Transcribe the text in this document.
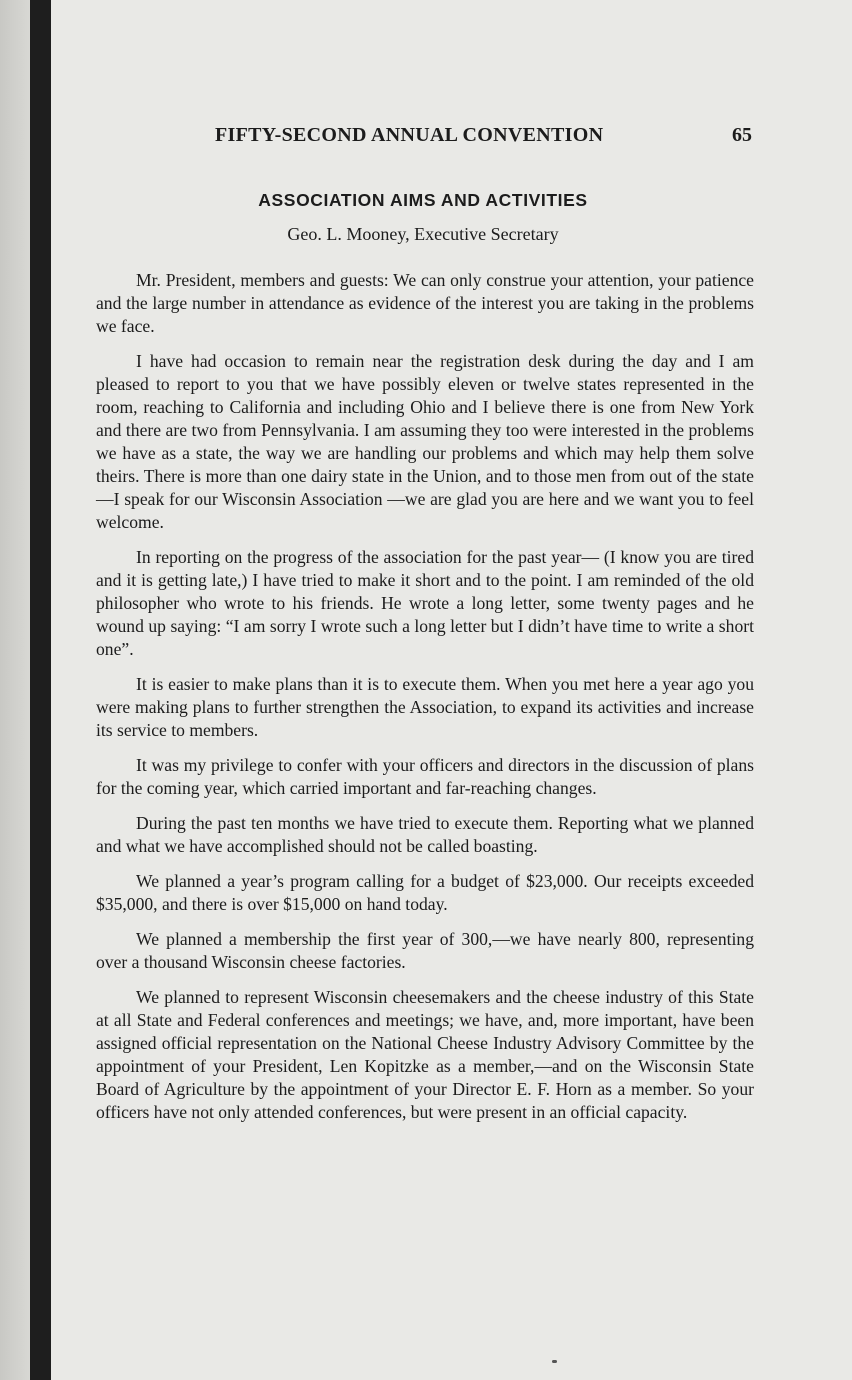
FIFTY-SECOND ANNUAL CONVENTION	65
ASSOCIATION AIMS AND ACTIVITIES
Geo. L. Mooney, Executive Secretary

Mr. President, members and guests: We can only construe your attention, your patience and the large number in attendance as evidence of the interest you are taking in the problems we face.

I have had occasion to remain near the registration desk during the day and I am pleased to report to you that we have possibly eleven or twelve states represented in the room, reaching to California and including Ohio and I believe there is one from New York and there are two from Pennsylvania. I am assuming they too were interested in the problems we have as a state, the way we are handling our problems and which may help them solve theirs. There is more than one dairy state in the Union, and to those men from out of the state—I speak for our Wisconsin Association —we are glad you are here and we want you to feel welcome.

In reporting on the progress of the association for the past year— (I know you are tired and it is getting late,) I have tried to make it short and to the point. I am reminded of the old philosopher who wrote to his friends. He wrote a long letter, some twenty pages and he wound up saying: “I am sorry I wrote such a long letter but I didn’t have time to write a short one”.

It is easier to make plans than it is to execute them. When you met here a year ago you were making plans to further strengthen the Association, to expand its activities and increase its service to members.

It was my privilege to confer with your officers and directors in the discussion of plans for the coming year, which carried important and far-reaching changes.

During the past ten months we have tried to execute them. Reporting what we planned and what we have accomplished should not be called boasting.

We planned a year’s program calling for a budget of $23,000. Our receipts exceeded $35,000, and there is over $15,000 on hand today.

We planned a membership the first year of 300,—we have nearly 800, representing over a thousand Wisconsin cheese factories.

We planned to represent Wisconsin cheesemakers and the cheese industry of this State at all State and Federal conferences and meetings; we have, and, more important, have been assigned official representation on the National Cheese Industry Advisory Committee by the appointment of your President, Len Kopitzke as a member,—and on the Wisconsin State Board of Agriculture by the appointment of your Director E. F. Horn as a member. So your officers have not only attended conferences, but were present in an official capacity.
